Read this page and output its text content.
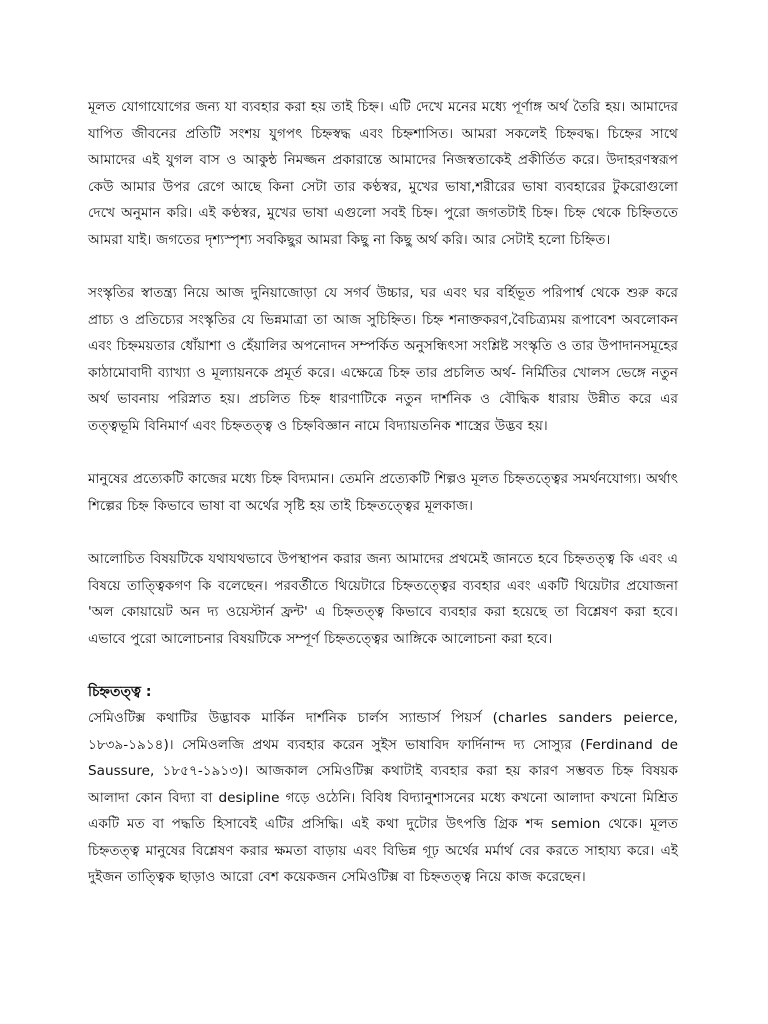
মূলত যোগাযোগের জন্য যা ব্যবহার করা হয় তাই চিহ্ন। এটি দেখে মনের মধ্যে পূর্ণাঙ্গ অর্থ তৈরি হয়। আমাদের যাপিত জীবনের প্রতিটি সংশয় যুগপৎ চিহ্নস্বদ্ধ এবং চিহ্নশাসিত। আমরা সকলেই চিহ্নবদ্ধ। চিহ্নের সাথে আমাদের এই যুগল বাস ও আকুন্ঠ নিমজ্জন প্রকারান্তে আমাদের নিজস্বতাকেই প্রকীর্তিত করে। উদাহরণস্বরূপ কেউ আমার উপর রেগে আছে কিনা সেটা তার কণ্ঠস্বর, মুখের ভাষা,শরীরের ভাষা ব্যবহারের টুকরোগুলো দেখে অনুমান করি। এই কণ্ঠস্বর, মুখের ভাষা এগুলো সবই চিহ্ন। পুরো জগতটাই চিহ্ন। চিহ্ন থেকে চিহ্নিততে আমরা যাই। জগতের দৃশ্যস্পৃশ্য সবকিছুর আমরা কিছু না কিছু অর্থ করি। আর সেটাই হলো চিহ্নিত।

সংস্কৃতির স্বাতন্ত্র্য নিয়ে আজ দুনিয়াজোড়া যে সগর্ব উচ্চার, ঘর এবং ঘর বর্হিভূত পরিপার্শ্ব থেকে শুরু করে প্রাচ্য ও প্রতিচ্যের সংস্কৃতির যে ভিন্নমাত্রা তা আজ সুচিহ্নিত। চিহ্ন শনাক্তকরণ,বৈচিত্র্যময় রূপাবেশ অবলোকন এবং চিহ্নময়তার ধোঁয়াশা ও হেঁয়ালির অপনোদন সম্পর্কিত অনুসন্ধিৎসা সংশ্লিষ্ট সংস্কৃতি ও তার উপাদানসমূহের কাঠামোবাদী ব্যাখ্যা ও মূল্যায়নকে প্রমূর্ত করে। এক্ষেত্রে চিহ্ন তার প্রচলিত অর্থ- নির্মিতির খোলস ভেঙ্গে নতুন অর্থ ভাবনায় পরিস্নাত হয়। প্রচলিত চিহ্ন ধারণাটিকে নতুন দার্শনিক ও বৌদ্ধিক ধারায় উন্নীত করে এর তত্ত্বভূমি বিনিমার্ণ এবং চিহ্নতত্ত্ব ও চিহ্নবিজ্ঞান নামে বিদ্যায়তনিক শাস্ত্রের উদ্ভব হয়।

মানুষের প্রত্যেকটি কাজের মধ্যে চিহ্ন বিদ্যমান। তেমনি প্রত্যেকটি শিল্পও মূলত চিহ্নতত্ত্বের সমর্থনযোগ্য। অর্থাৎ শিল্পের চিহ্ন কিভাবে ভাষা বা অর্থের সৃষ্টি হয় তাই চিহ্নতত্ত্বের মূলকাজ।

আলোচিত বিষয়টিকে যথাযথভাবে উপস্থাপন করার জন্য আমাদের প্রথমেই জানতে হবে চিহ্নতত্ত্ব কি এবং এ বিষয়ে তাত্ত্বিকগণ কি বলেছেন। পরবর্তীতে থিয়েটারে চিহ্নতত্ত্বের ব্যবহার এবং একটি থিয়েটার প্রযোজনা 'অল কোয়ায়েট অন দ্য ওয়েস্টার্ন ফ্রন্ট' এ চিহ্নতত্ত্ব কিভাবে ব্যবহার করা হয়েছে তা বিশ্লেষণ করা হবে। এভাবে পুরো আলোচনার বিষয়টিকে সম্পূর্ণ চিহ্নতত্ত্বের আঙ্গিকে আলোচনা করা হবে।

চিহ্নতত্ত্ব :

সেমিওটিক্স কথাটির উদ্ভাবক মার্কিন দার্শনিক চার্লস স্যান্ডার্স পিয়র্স (charles sanders peierce, ১৮৩৯-১৯১৪)। সেমিওলজি প্রথম ব্যবহার করেন সুইস ভাষাবিদ ফার্দিনান্দ দ্য সোস্যুর (Ferdinand de Saussure, ১৮৫৭-১৯১৩)। আজকাল সেমিওটিক্স কথাটাই ব্যবহার করা হয় কারণ সম্ভবত চিহ্ন বিষয়ক আলাদা কোন বিদ্যা বা desipline গড়ে ওঠেনি। বিবিধ বিদ্যানুশাসনের মধ্যে কখনো আলাদা কখনো মিশ্রিত একটি মত বা পদ্ধতি হিসাবেই এটির প্রসিদ্ধি। এই কথা দুটোর উৎপত্তি গ্রিক শব্দ semion থেকে। মূলত চিহ্নতত্ত্ব মানুষের বিশ্লেষণ করার ক্ষমতা বাড়ায় এবং বিভিন্ন গূঢ় অর্থের মর্মার্থ বের করতে সাহায্য করে। এই দুইজন তাত্ত্বিক ছাড়াও আরো বেশ কয়েকজন সেমিওটিক্স বা চিহ্নতত্ত্ব নিয়ে কাজ করেছেন।
